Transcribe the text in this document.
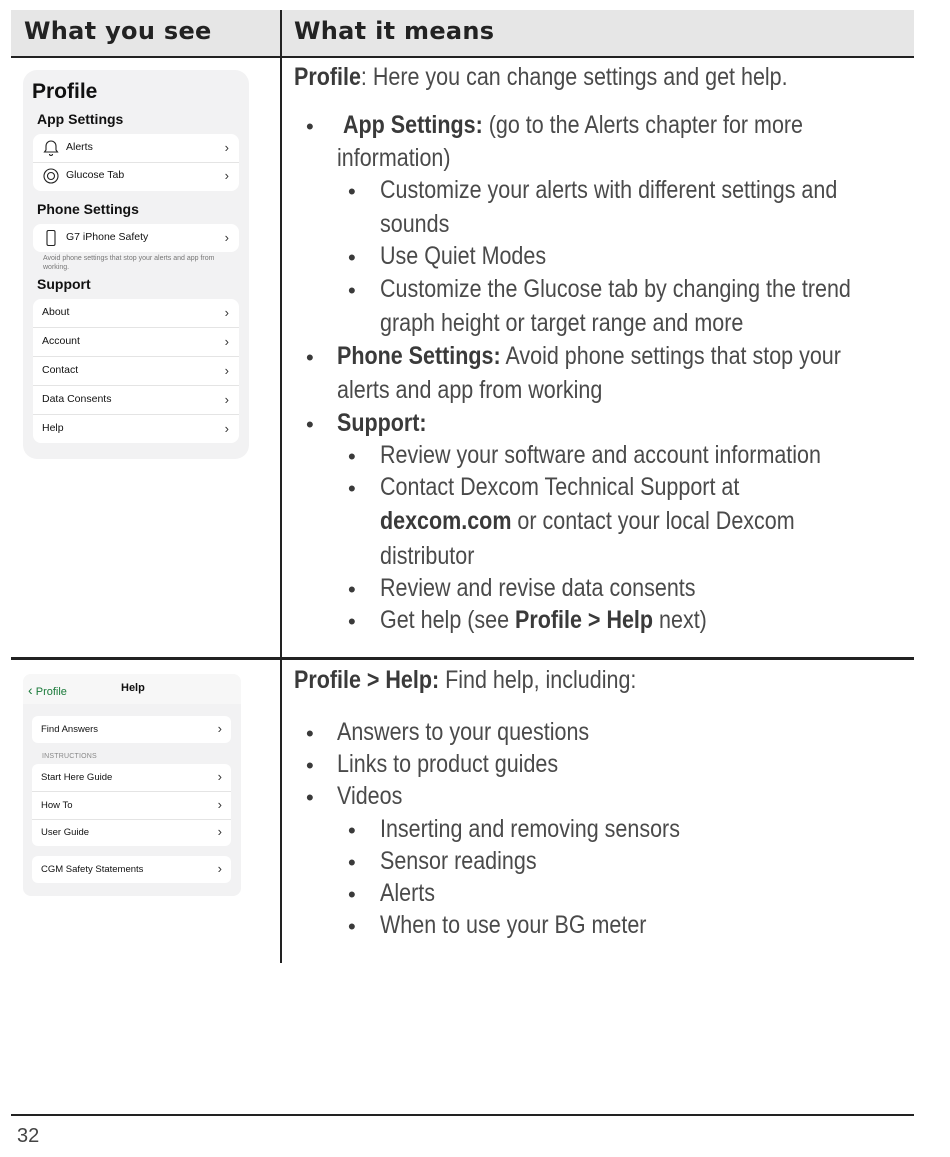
What you see	What it means
Profile
App Settings
Alerts	›
Glucose Tab	›
Phone Settings
G7 iPhone Safety	›
Avoid phone settings that stop your alerts and app from working.
Support
About	›
Account	›
Contact	›
Data Consents	›
Help	›
‹ Profile	Help
Find Answers	›
INSTRUCTIONS
Start Here Guide	›
How To	›
User Guide	›
CGM Safety Statements	›
Profile: Here you can change settings and get help.
• App Settings: (go to the Alerts chapter for more
information)
• Customize your alerts with different settings and
sounds
• Use Quiet Modes
• Customize the Glucose tab by changing the trend
graph height or target range and more
• Phone Settings: Avoid phone settings that stop your
alerts and app from working
• Support:
• Review your software and account information
• Contact Dexcom Technical Support at
dexcom.com or contact your local Dexcom
distributor
• Review and revise data consents
• Get help (see Profile > Help next)
Profile > Help: Find help, including:
• Answers to your questions
• Links to product guides
• Videos
• Inserting and removing sensors
• Sensor readings
• Alerts
• When to use your BG meter
32
